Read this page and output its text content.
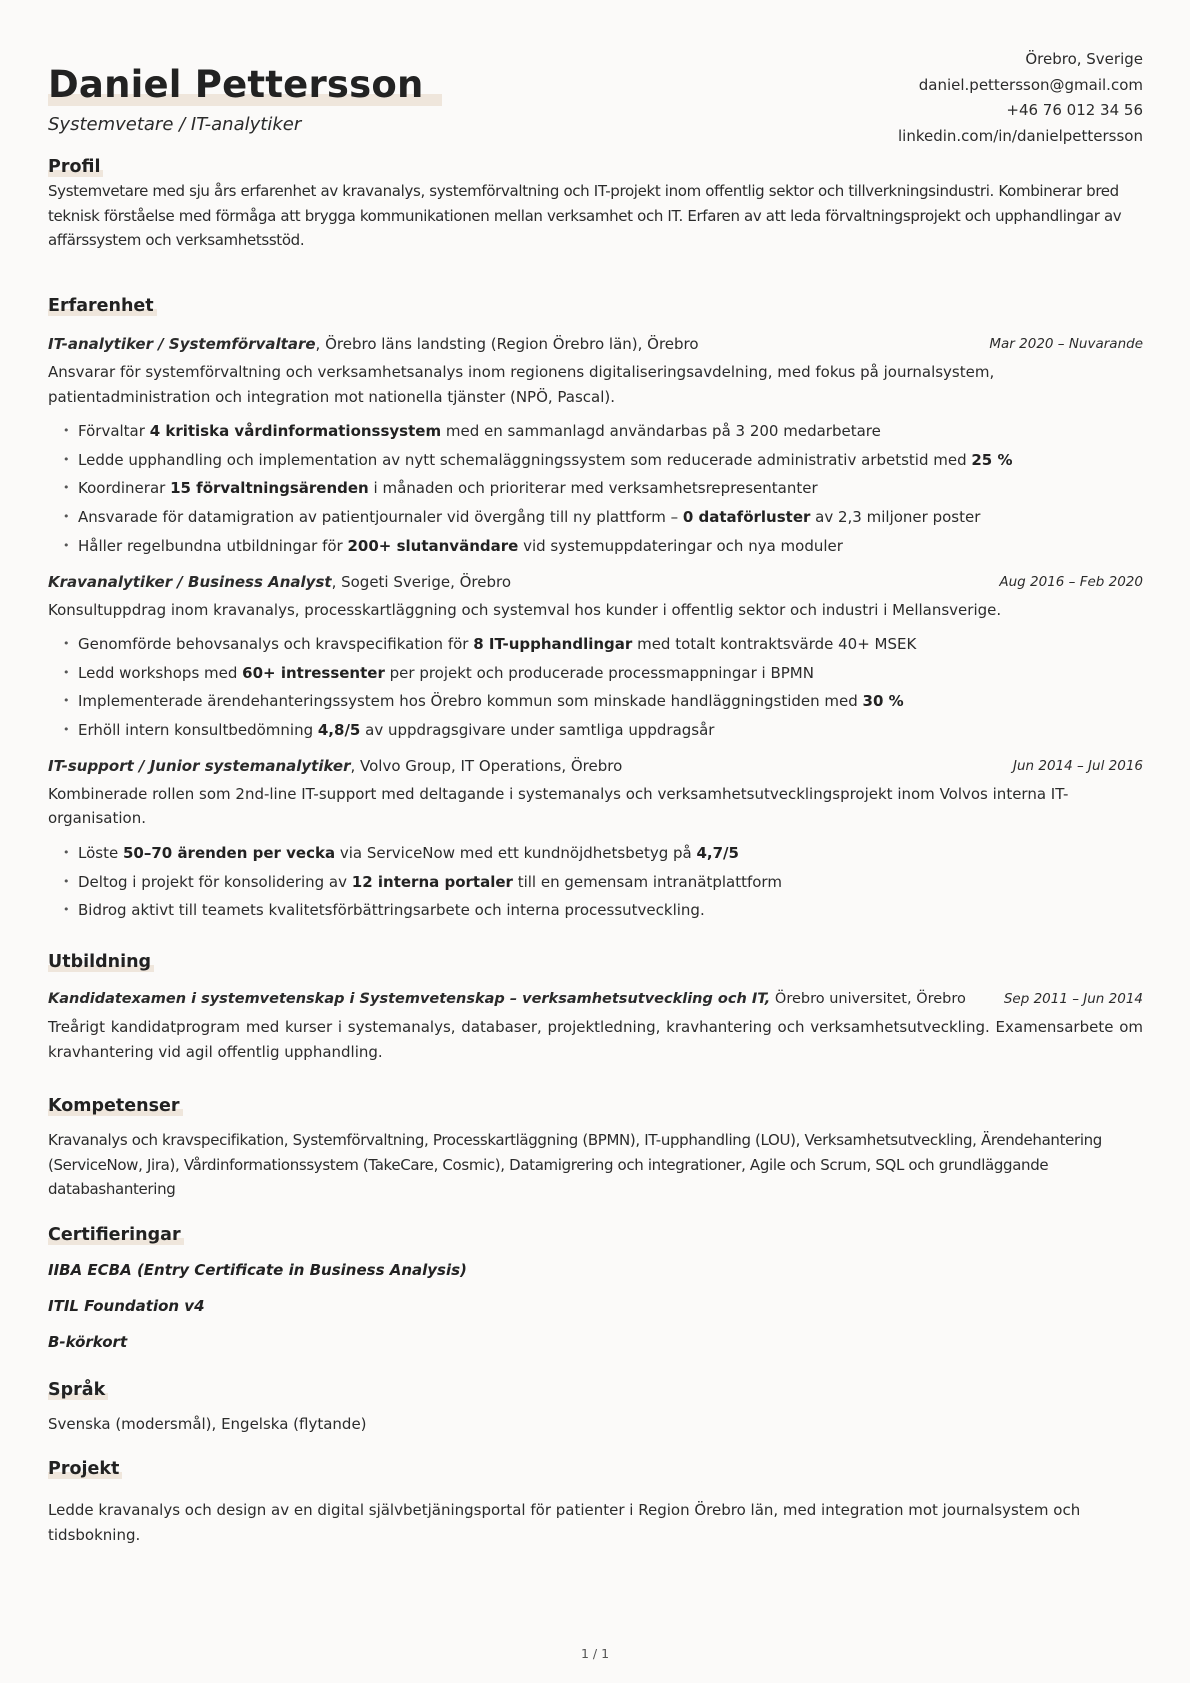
Daniel Pettersson
Systemvetare / IT-analytiker
Örebro, Sverige
daniel.pettersson@gmail.com
+46 76 012 34 56
linkedin.com/in/danielpettersson
Profil
Systemvetare med sju års erfarenhet av kravanalys, systemförvaltning och IT-projekt inom offentlig sektor och tillverkningsindustri. Kombinerar bred teknisk förståelse med förmåga att brygga kommunikationen mellan verksamhet och IT. Erfaren av att leda förvaltningsprojekt och upphandlingar av affärssystem och verksamhetsstöd.
Erfarenhet
IT-analytiker / Systemförvaltare, Örebro läns landsting (Region Örebro län), Örebro	Mar 2020 – Nuvarande
Ansvarar för systemförvaltning och verksamhetsanalys inom regionens digitaliseringsavdelning, med fokus på journalsystem, patientadministration och integration mot nationella tjänster (NPÖ, Pascal).
• Förvaltar 4 kritiska vårdinformationssystem med en sammanlagd användarbas på 3 200 medarbetare
• Ledde upphandling och implementation av nytt schemaläggningssystem som reducerade administrativ arbetstid med 25 %
• Koordinerar 15 förvaltningsärenden i månaden och prioriterar med verksamhetsrepresentanter
• Ansvarade för datamigration av patientjournaler vid övergång till ny plattform – 0 dataförluster av 2,3 miljoner poster
• Håller regelbundna utbildningar för 200+ slutanvändare vid systemuppdateringar och nya moduler
Kravanalytiker / Business Analyst, Sogeti Sverige, Örebro	Aug 2016 – Feb 2020
Konsultuppdrag inom kravanalys, processkartläggning och systemval hos kunder i offentlig sektor och industri i Mellansverige.
• Genomförde behovsanalys och kravspecifikation för 8 IT-upphandlingar med totalt kontraktsvärde 40+ MSEK
• Ledd workshops med 60+ intressenter per projekt och producerade processmappningar i BPMN
• Implementerade ärendehanteringssystem hos Örebro kommun som minskade handläggningstiden med 30 %
• Erhöll intern konsultbedömning 4,8/5 av uppdragsgivare under samtliga uppdragsår
IT-support / Junior systemanalytiker, Volvo Group, IT Operations, Örebro	Jun 2014 – Jul 2016
Kombinerade rollen som 2nd-line IT-support med deltagande i systemanalys och verksamhetsutvecklingsprojekt inom Volvos interna IT-organisation.
• Löste 50–70 ärenden per vecka via ServiceNow med ett kundnöjdhetsbetyg på 4,7/5
• Deltog i projekt för konsolidering av 12 interna portaler till en gemensam intranätplattform
• Bidrog aktivt till teamets kvalitetsförbättringsarbete och interna processutveckling.
Utbildning
Kandidatexamen i systemvetenskap i Systemvetenskap – verksamhetsutveckling och IT, Örebro universitet, Örebro	Sep 2011 – Jun 2014
Treårigt kandidatprogram med kurser i systemanalys, databaser, projektledning, kravhantering och verksamhetsutveckling. Examensarbete om kravhantering vid agil offentlig upphandling.
Kompetenser
Kravanalys och kravspecifikation, Systemförvaltning, Processkartläggning (BPMN), IT-upphandling (LOU), Verksamhetsutveckling, Ärendehantering (ServiceNow, Jira), Vårdinformationssystem (TakeCare, Cosmic), Datamigrering och integrationer, Agile och Scrum, SQL och grundläggande databashantering
Certifieringar
IIBA ECBA (Entry Certificate in Business Analysis)
ITIL Foundation v4
B-körkort
Språk
Svenska (modersmål), Engelska (flytande)
Projekt
Ledde kravanalys och design av en digital självbetjäningsportal för patienter i Region Örebro län, med integration mot journalsystem och tidsbokning.
1 / 1
